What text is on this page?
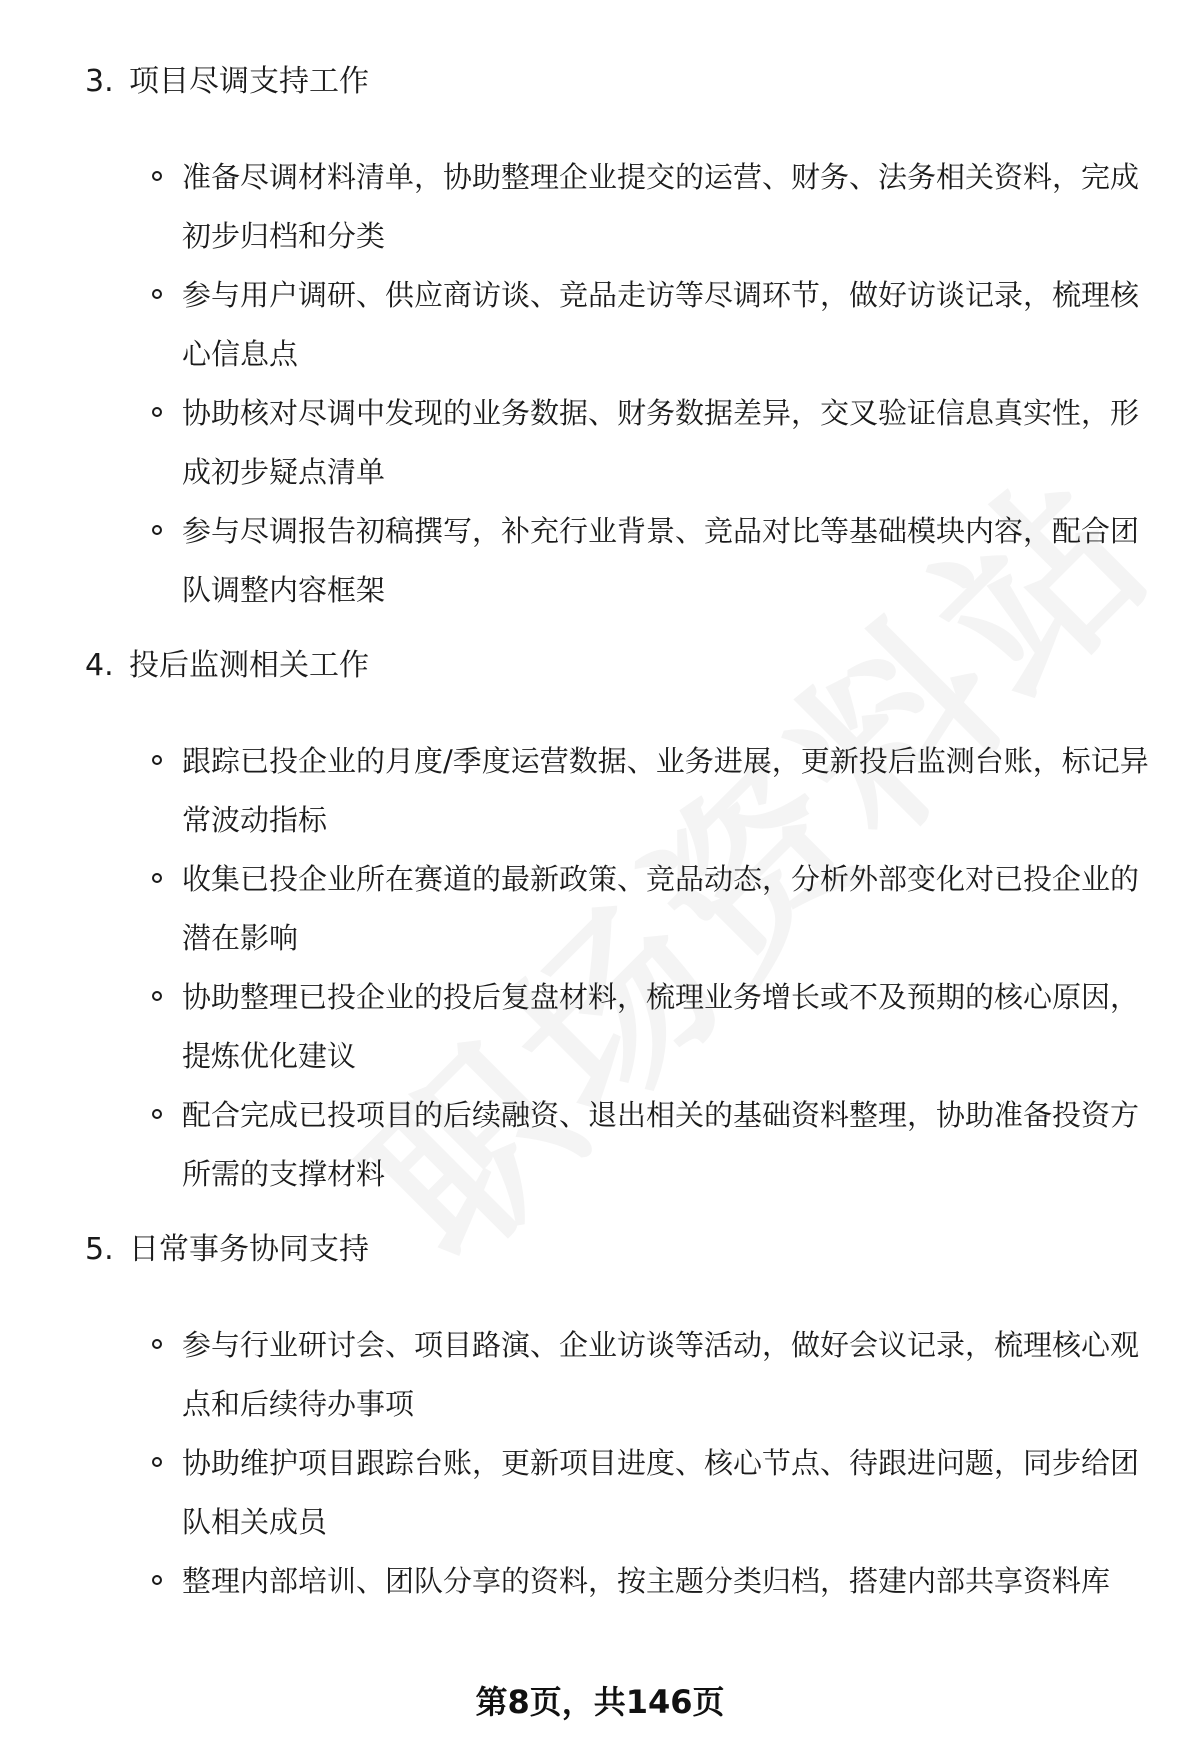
3. 项目尽调支持工作
准备尽调材料清单，协助整理企业提交的运营、财务、法务相关资料，完成初步归档和分类
参与用户调研、供应商访谈、竞品走访等尽调环节，做好访谈记录，梳理核心信息点
协助核对尽调中发现的业务数据、财务数据差异，交叉验证信息真实性，形成初步疑点清单
参与尽调报告初稿撰写，补充行业背景、竞品对比等基础模块内容，配合团队调整内容框架
4. 投后监测相关工作
跟踪已投企业的月度/季度运营数据、业务进展，更新投后监测台账，标记异常波动指标
收集已投企业所在赛道的最新政策、竞品动态，分析外部变化对已投企业的潜在影响
协助整理已投企业的投后复盘材料，梳理业务增长或不及预期的核心原因，提炼优化建议
配合完成已投项目的后续融资、退出相关的基础资料整理，协助准备投资方所需的支撑材料
5. 日常事务协同支持
参与行业研讨会、项目路演、企业访谈等活动，做好会议记录，梳理核心观点和后续待办事项
协助维护项目跟踪台账，更新项目进度、核心节点、待跟进问题，同步给团队相关成员
整理内部培训、团队分享的资料，按主题分类归档，搭建内部共享资料库
第8页，共146页
